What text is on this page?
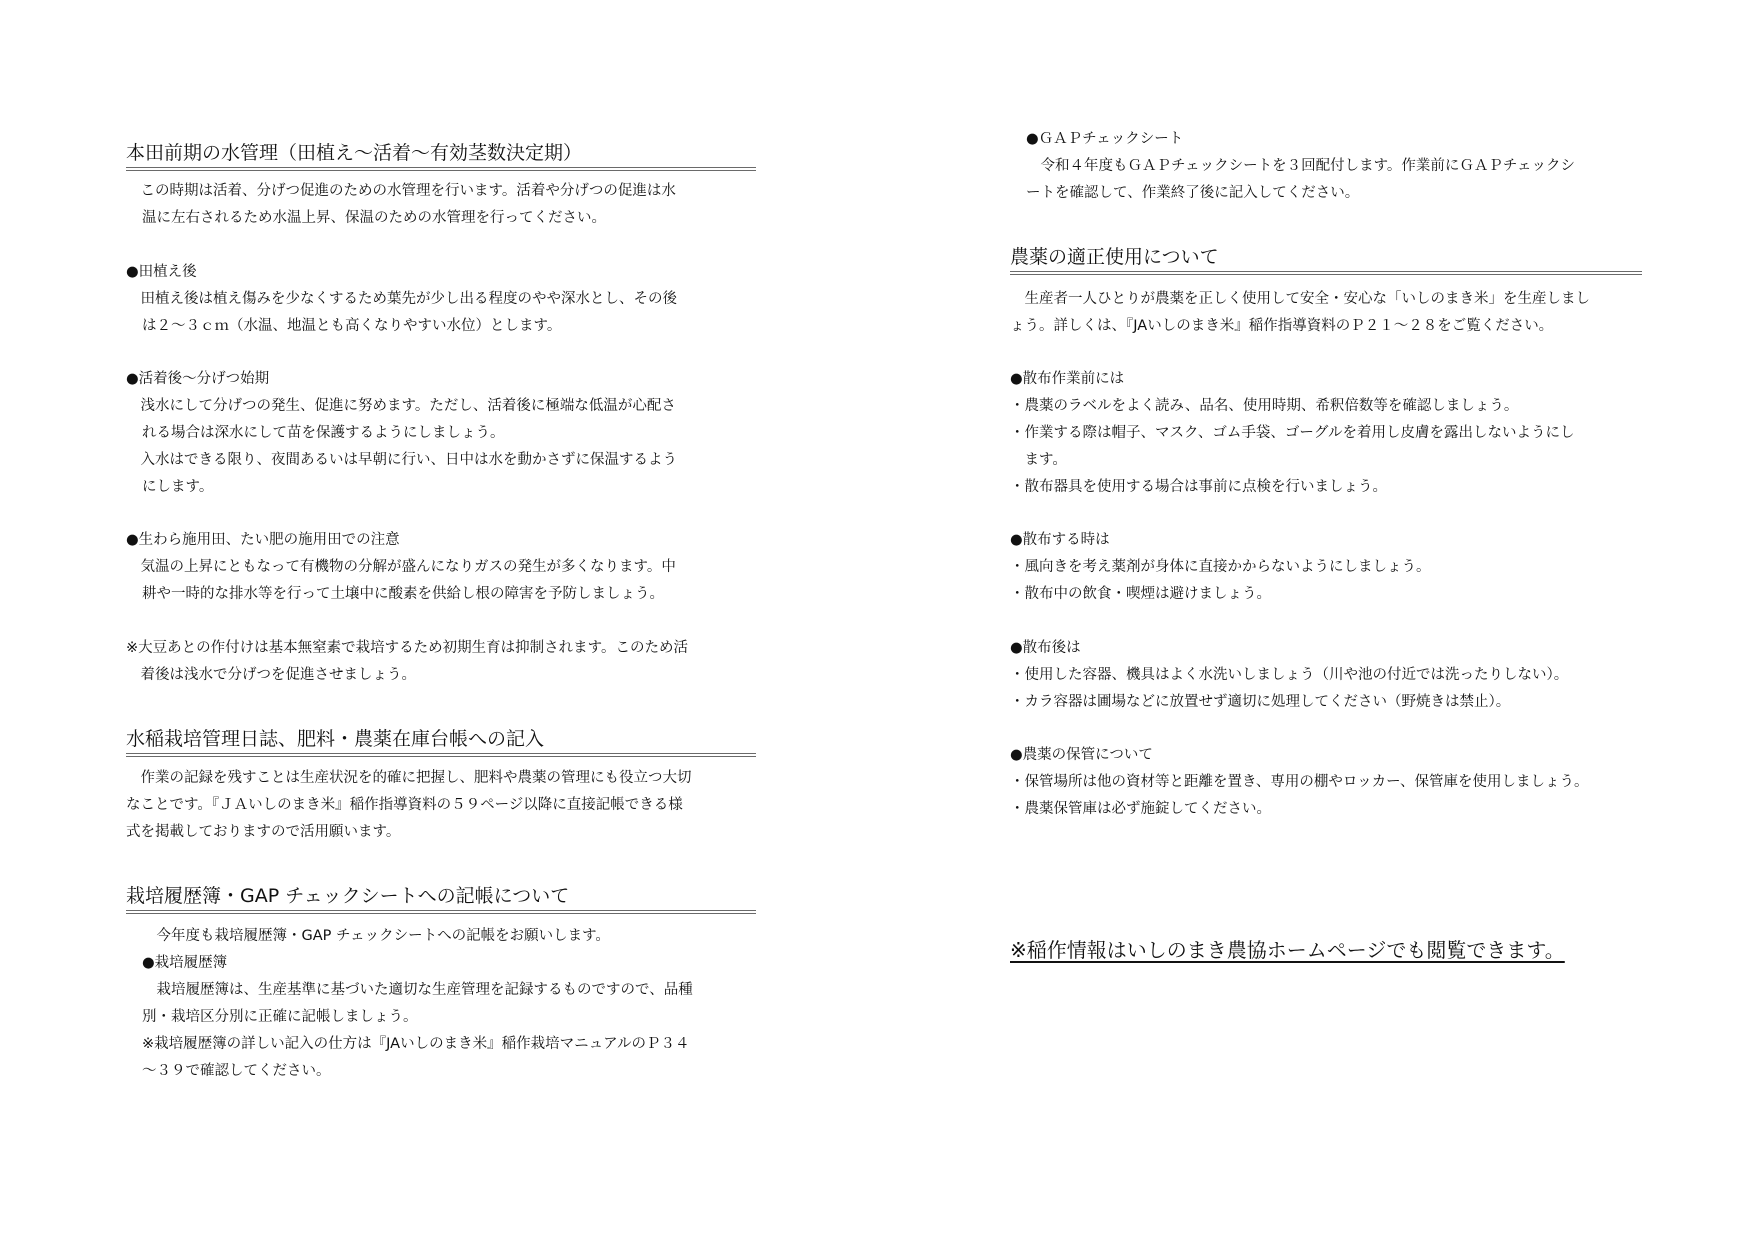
本田前期の水管理（田植え～活着～有効茎数決定期）
　この時期は活着、分げつ促進のための水管理を行います。活着や分げつの促進は水
温に左右されるため水温上昇、保温のための水管理を行ってください。
●田植え後
　田植え後は植え傷みを少なくするため葉先が少し出る程度のやや深水とし、その後
は２～３ｃｍ（水温、地温とも高くなりやすい水位）とします。
●活着後～分げつ始期
　浅水にして分げつの発生、促進に努めます。ただし、活着後に極端な低温が心配さ
れる場合は深水にして苗を保護するようにしましょう。
　入水はできる限り、夜間あるいは早朝に行い、日中は水を動かさずに保温するよう
にします。
●生わら施用田、たい肥の施用田での注意
　気温の上昇にともなって有機物の分解が盛んになりガスの発生が多くなります。中
耕や一時的な排水等を行って土壌中に酸素を供給し根の障害を予防しましょう。
※大豆あとの作付けは基本無窒素で栽培するため初期生育は抑制されます。このため活
　着後は浅水で分げつを促進させましょう。
水稲栽培管理日誌、肥料・農薬在庫台帳への記入
　作業の記録を残すことは生産状況を的確に把握し、肥料や農薬の管理にも役立つ大切
なことです。『ＪＡいしのまき米』稲作指導資料の５９ページ以降に直接記帳できる様
式を掲載しておりますので活用願います。
栽培履歴簿・GAP チェックシートへの記帳について
　今年度も栽培履歴簿・GAP チェックシートへの記帳をお願いします。
●栽培履歴簿
　栽培履歴簿は、生産基準に基づいた適切な生産管理を記録するものですので、品種
別・栽培区分別に正確に記帳しましょう。
※栽培履歴簿の詳しい記入の仕方は『JAいしのまき米』稲作栽培マニュアルのＰ３４
～３９で確認してください。
●ＧＡＰチェックシート
　令和４年度もＧＡＰチェックシートを３回配付します。作業前にＧＡＰチェックシ
ートを確認して、作業終了後に記入してください。
農薬の適正使用について
　生産者一人ひとりが農薬を正しく使用して安全・安心な「いしのまき米」を生産しまし
ょう。詳しくは、『JAいしのまき米』稲作指導資料のＰ２１～２８をご覧ください。
●散布作業前には
・農薬のラベルをよく読み、品名、使用時期、希釈倍数等を確認しましょう。
・作業する際は帽子、マスク、ゴム手袋、ゴーグルを着用し皮膚を露出しないようにし
　ます。
・散布器具を使用する場合は事前に点検を行いましょう。
●散布する時は
・風向きを考え薬剤が身体に直接かからないようにしましょう。
・散布中の飲食・喫煙は避けましょう。
●散布後は
・使用した容器、機具はよく水洗いしましょう（川や池の付近では洗ったりしない）。
・カラ容器は圃場などに放置せず適切に処理してください（野焼きは禁止）。
●農薬の保管について
・保管場所は他の資材等と距離を置き、専用の棚やロッカー、保管庫を使用しましょう。
・農薬保管庫は必ず施錠してください。
※稲作情報はいしのまき農協ホームページでも閲覧できます。
